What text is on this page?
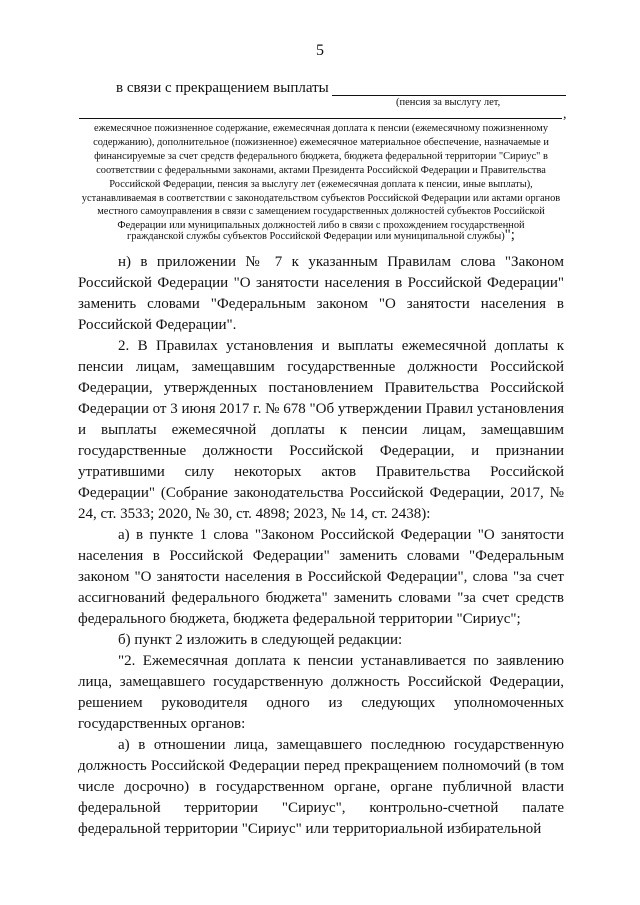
5
в связи с прекращением выплаты
(пенсия за выслугу лет,
,
ежемесячное пожизненное содержание, ежемесячная доплата к пенсии (ежемесячному пожизненному содержанию), дополнительное (пожизненное) ежемесячное материальное обеспечение, назначаемые и финансируемые за счет средств федерального бюджета, бюджета федеральной территории "Сириус" в соответствии с федеральными законами, актами Президента Российской Федерации и Правительства Российской Федерации, пенсия за выслугу лет (ежемесячная доплата к пенсии, иные выплаты), устанавливаемая в соответствии с законодательством субъектов Российской Федерации или актами органов местного самоуправления в связи с замещением государственных должностей субъектов Российской Федерации или муниципальных должностей либо в связи с прохождением государственной
гражданской службы субъектов Российской Федерации или муниципальной службы)";

н) в приложении № 7 к указанным Правилам слова "Законом Российской Федерации "О занятости населения в Российской Федерации" заменить словами "Федеральным законом "О занятости населения в Российской Федерации".

2. В Правилах установления и выплаты ежемесячной доплаты к пенсии лицам, замещавшим государственные должности Российской Федерации, утвержденных постановлением Правительства Российской Федерации от 3 июня 2017 г. № 678 "Об утверждении Правил установления и выплаты ежемесячной доплаты к пенсии лицам, замещавшим государственные должности Российской Федерации, и признании утратившими силу некоторых актов Правительства Российской Федерации" (Собрание законодательства Российской Федерации, 2017, № 24, ст. 3533; 2020, № 30, ст. 4898; 2023, № 14, ст. 2438):

а) в пункте 1 слова "Законом Российской Федерации "О занятости населения в Российской Федерации" заменить словами "Федеральным законом "О занятости населения в Российской Федерации", слова "за счет ассигнований федерального бюджета" заменить словами "за счет средств федерального бюджета, бюджета федеральной территории "Сириус";

б) пункт 2 изложить в следующей редакции:

"2. Ежемесячная доплата к пенсии устанавливается по заявлению лица, замещавшего государственную должность Российской Федерации, решением руководителя одного из следующих уполномоченных государственных органов:

а) в отношении лица, замещавшего последнюю государственную должность Российской Федерации перед прекращением полномочий (в том числе досрочно) в государственном органе, органе публичной власти федеральной территории "Сириус", контрольно-счетной палате федеральной территории "Сириус" или территориальной избирательной
